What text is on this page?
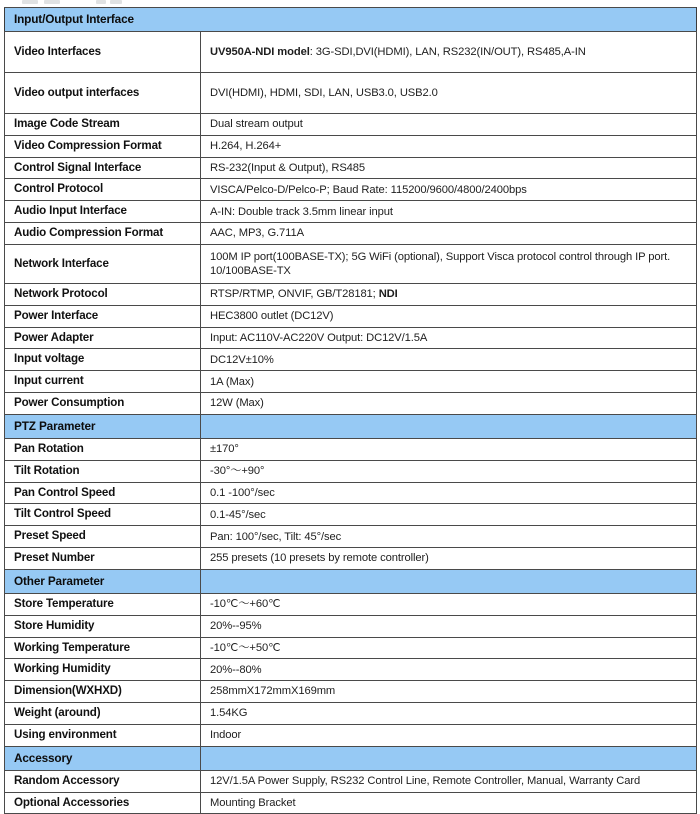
Input/Output Interface	
Video Interfaces	UV950A-NDI model: 3G-SDI,DVI(HDMI), LAN, RS232(IN/OUT), RS485,A-IN
Video output interfaces	DVI(HDMI), HDMI, SDI, LAN, USB3.0, USB2.0
Image Code Stream	Dual stream output
Video Compression Format	H.264, H.264+
Control Signal Interface	RS-232(Input & Output), RS485
Control Protocol	VISCA/Pelco-D/Pelco-P; Baud Rate: 115200/9600/4800/2400bps
Audio Input Interface	A-IN: Double track 3.5mm linear input
Audio Compression Format	AAC, MP3, G.711A
Network Interface	100M IP port(100BASE-TX); 5G WiFi (optional), Support Visca protocol control through IP port. 10/100BASE-TX
Network Protocol	RTSP/RTMP, ONVIF, GB/T28181; NDI
Power Interface	HEC3800 outlet (DC12V)
Power Adapter	Input: AC110V-AC220V Output: DC12V/1.5A
Input voltage	DC12V±10%
Input current	1A (Max)
Power Consumption	12W (Max)
PTZ Parameter	
Pan Rotation	±170°
Tilt Rotation	-30°～+90°
Pan Control Speed	0.1 -100°/sec
Tilt Control Speed	0.1-45°/sec
Preset Speed	Pan: 100°/sec, Tilt: 45°/sec
Preset Number	255 presets (10 presets by remote controller)
Other Parameter	
Store Temperature	-10℃～+60℃
Store Humidity	20%--95%
Working Temperature	-10℃～+50℃
Working Humidity	20%--80%
Dimension(WXHXD)	258mmX172mmX169mm
Weight (around)	1.54KG
Using environment	Indoor
Accessory	
Random Accessory	12V/1.5A Power Supply, RS232 Control Line, Remote Controller, Manual, Warranty Card
Optional Accessories	Mounting Bracket
